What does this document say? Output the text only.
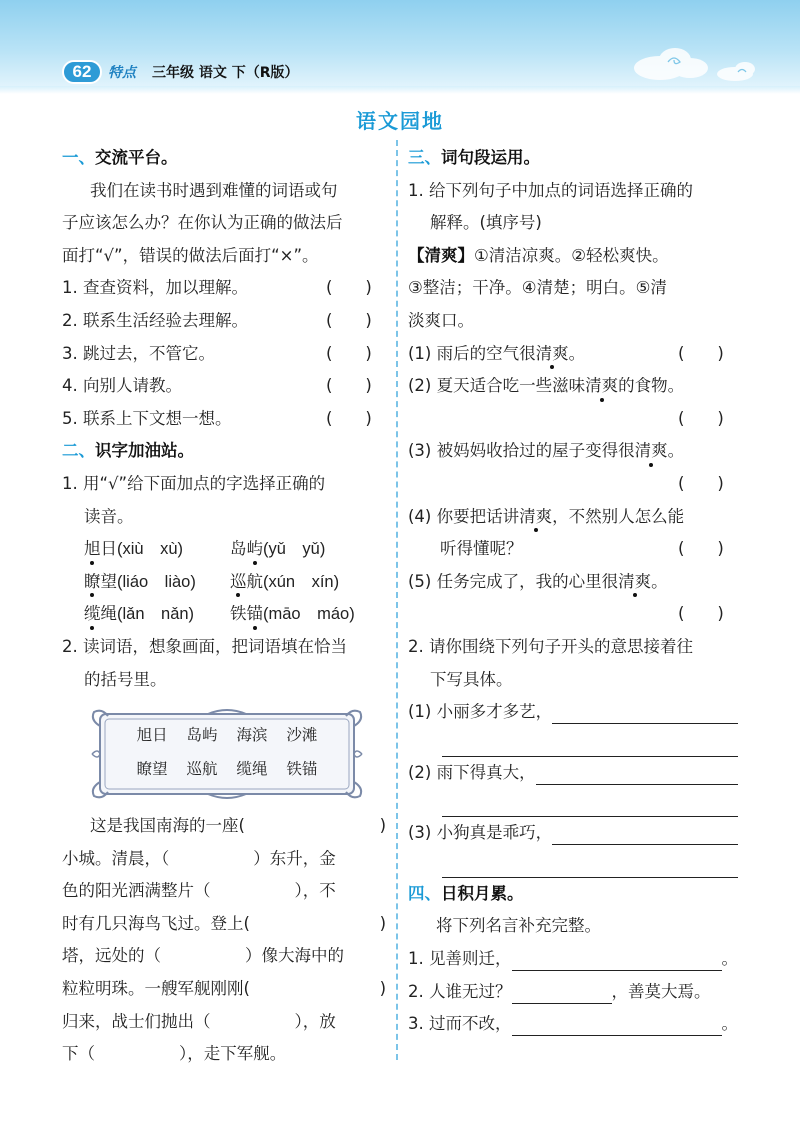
62	特点 三年级 语文 下（R版）
语文园地
一、 交流平台。
我们在读书时遇到难懂的词语或句
子应该怎么办？在你认为正确的做法后
面打“√”，错误的做法后面打“×”。
1. 查查资料，加以理解。	(　　)
2. 联系生活经验去理解。	(　　)
3. 跳过去，不管它。	(　　)
4. 向别人请教。	(　　)
5. 联系上下文想一想。	(　　)
二、 识字加油站。
1. 用“√”给下面加点的字选择正确的
读音。
旭日(xiù　xù)	岛屿(yǔ　yǔ)
瞭望(liáo　liào)	巡航(xún　xín)
缆绳(lǎn　nǎn)	铁锚(māo　máo)
2. 读词语，想象画面，把词语填在恰当
的括号里。
旭日 岛屿 海滨 沙滩
瞭望 巡航 缆绳 铁锚
这是我国南海的一座(	)
小城。清晨，（	）东升，金
色的阳光洒满整片（	），不
时有几只海鸟飞过。登上(	)
塔，远处的（	）像大海中的
粒粒明珠。一艘军舰刚刚(	)
归来，战士们抛出（	），放
下（	），走下军舰。
三、 词句段运用。
1. 给下列句子中加点的词语选择正确的
解释。(填序号)
【清爽】 ①清洁凉爽。②轻松爽快。
③整洁；干净。④清楚；明白。⑤清
淡爽口。
(1) 雨后的空气很 清爽 。	(　　)
(2) 夏天适合吃一些滋味 清爽 的食物。
(　　)
(3) 被妈妈收拾过的屋子变得很 清爽 。
(　　)
(4) 你要把话讲 清爽 ，不然别人怎么能
听得懂呢？	(　　)
(5) 任务完成了，我的心里很 清爽 。
(　　)
2. 请你围绕下列句子开头的意思接着往
下写具体。
(1) 小丽多才多艺，
(2) 雨下得真大，
(3) 小狗真是乖巧，
四、 日积月累。
将下列名言补充完整。
1. 见善则迁，	。
2. 人谁无过？	，善莫大焉。
3. 过而不改，	。
